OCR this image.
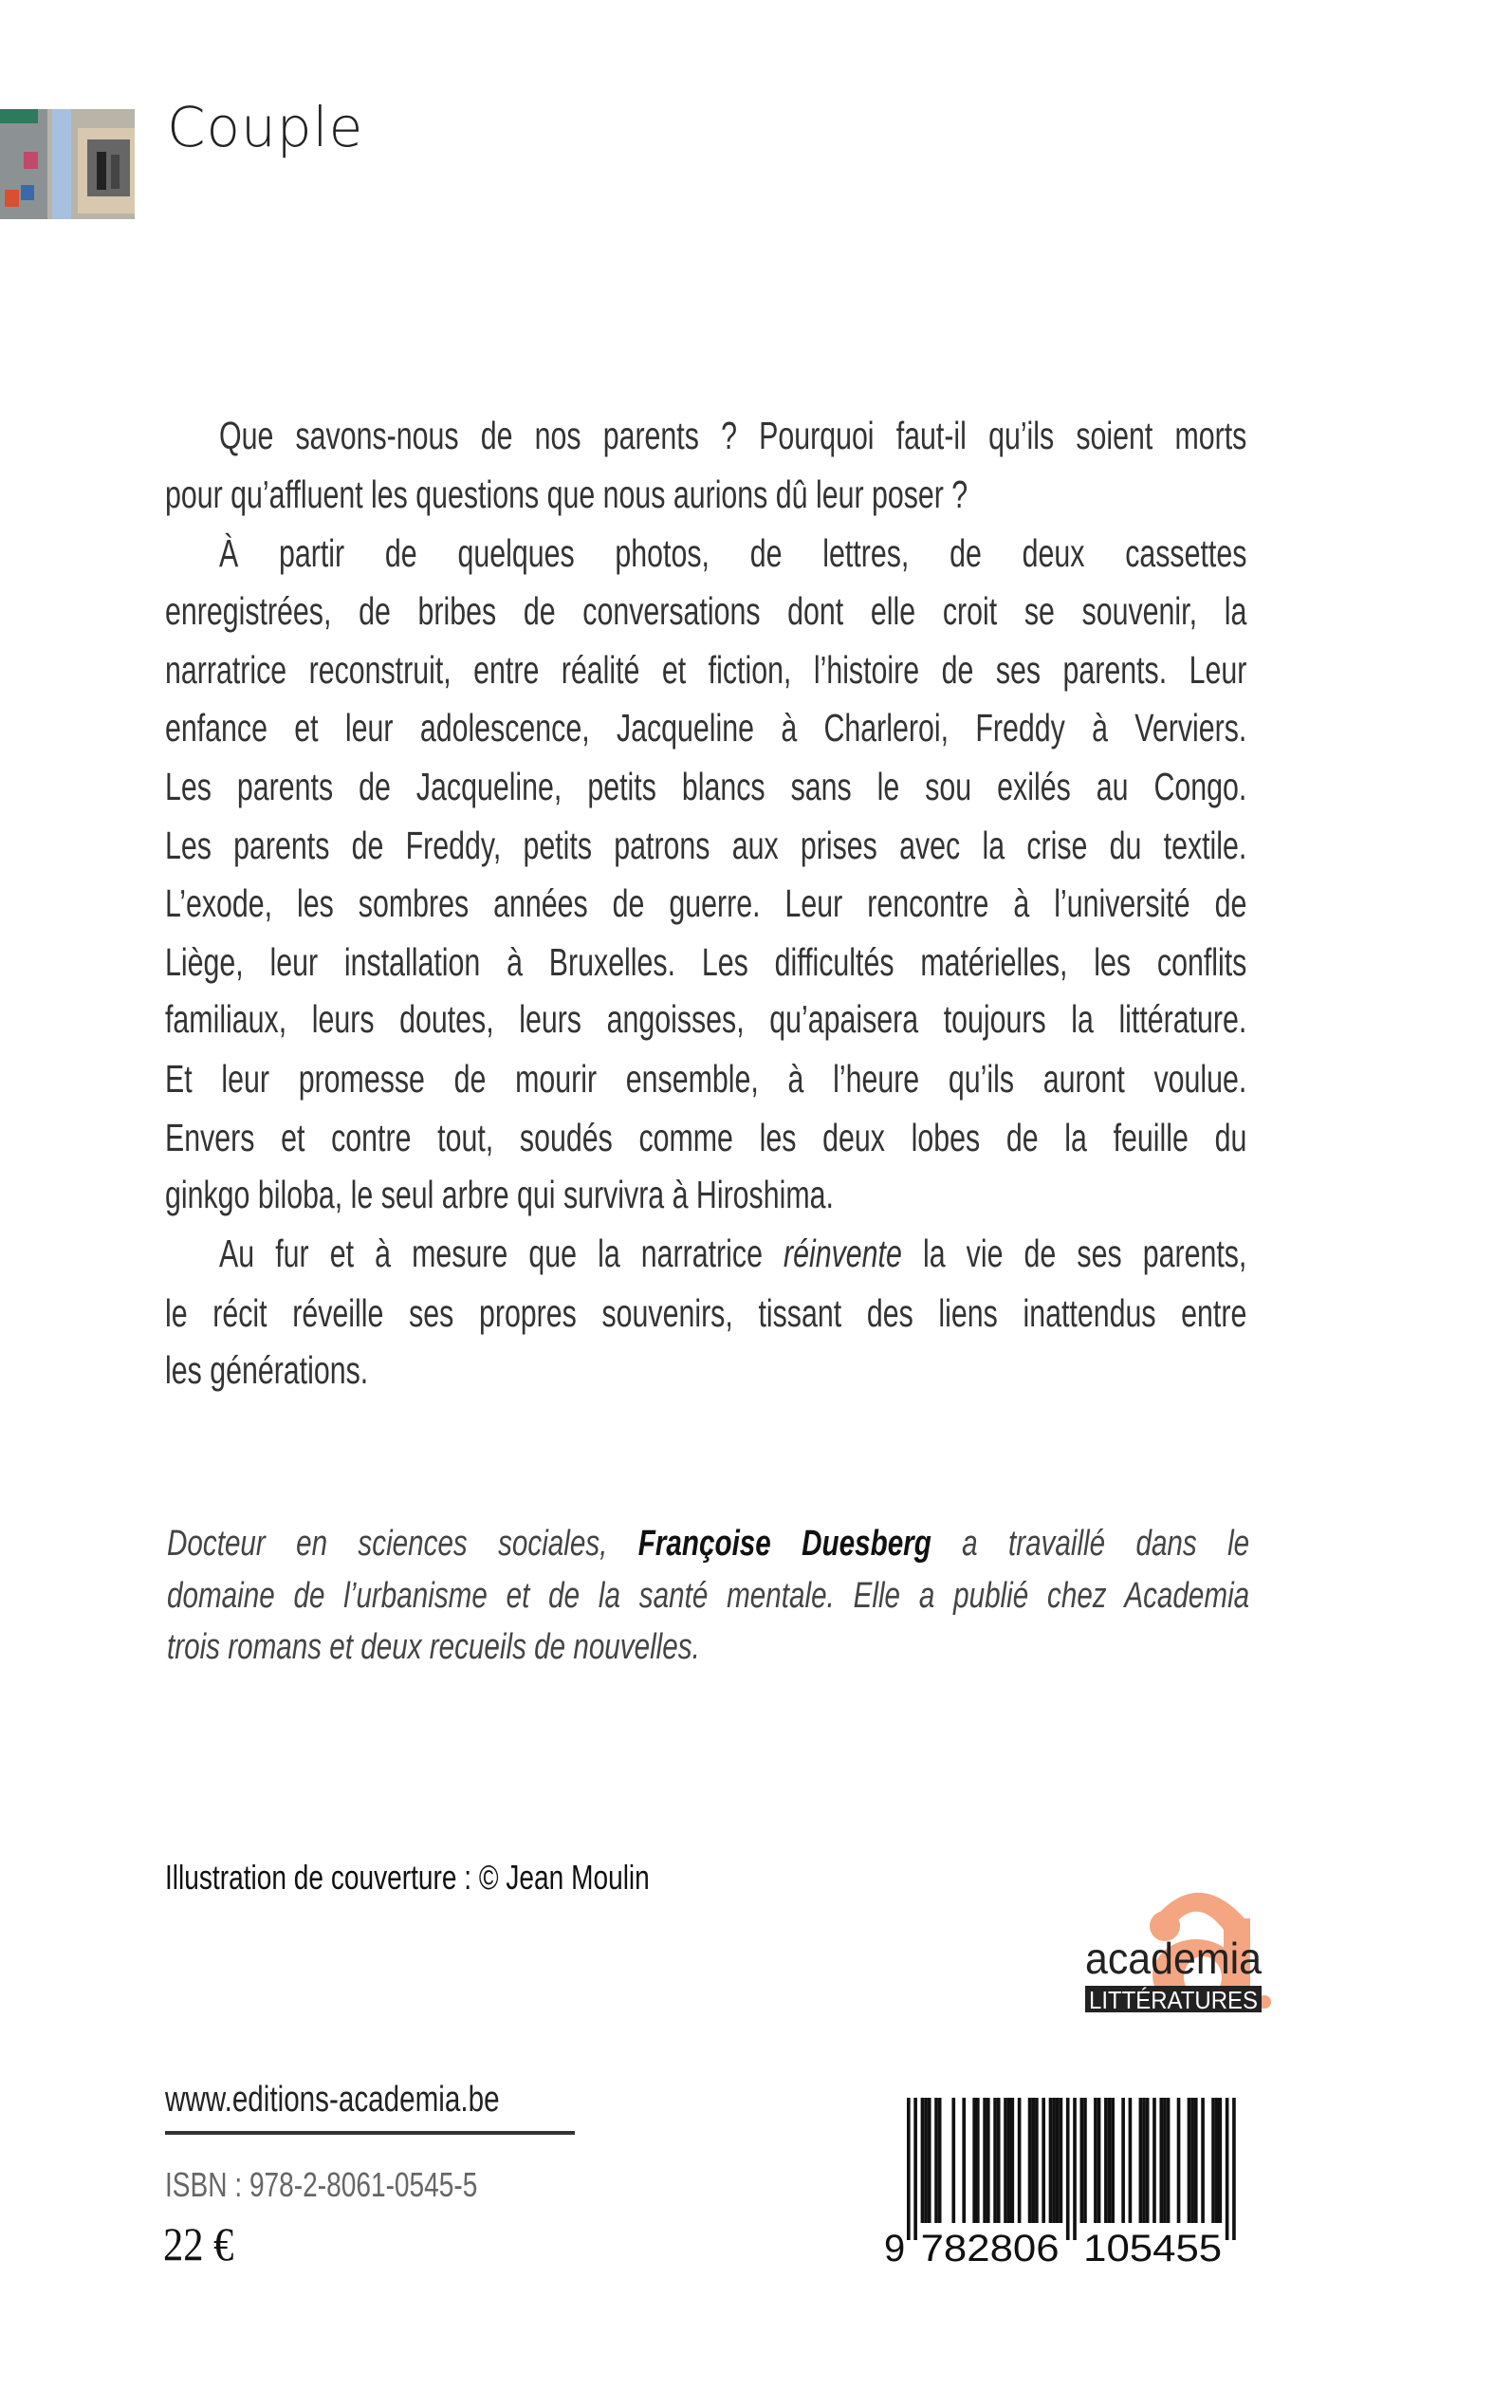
Couple
Que savons-nous de nos parents ? Pourquoi faut-il qu’ils soient morts
pour qu’affluent les questions que nous aurions dû leur poser ?
À partir de quelques photos, de lettres, de deux cassettes
enregistrées, de bribes de conversations dont elle croit se souvenir, la
narratrice reconstruit, entre réalité et fiction, l’histoire de ses parents. Leur
enfance et leur adolescence, Jacqueline à Charleroi, Freddy à Verviers.
Les parents de Jacqueline, petits blancs sans le sou exilés au Congo.
Les parents de Freddy, petits patrons aux prises avec la crise du textile.
L’exode, les sombres années de guerre. Leur rencontre à l’université de
Liège, leur installation à Bruxelles. Les difficultés matérielles, les conflits
familiaux, leurs doutes, leurs angoisses, qu’apaisera toujours la littérature.
Et leur promesse de mourir ensemble, à l’heure qu’ils auront voulue.
Envers et contre tout, soudés comme les deux lobes de la feuille du
ginkgo biloba, le seul arbre qui survivra à Hiroshima.
Au fur et à mesure que la narratrice réinvente la vie de ses parents,
le récit réveille ses propres souvenirs, tissant des liens inattendus entre
les générations.
Docteur en sciences sociales, Françoise Duesberg a travaillé dans le
domaine de l’urbanisme et de la santé mentale. Elle a publié chez Academia
trois romans et deux recueils de nouvelles.
Illustration de couverture : © Jean Moulin
academia
LITTÉRATURES
www.editions-academia.be
ISBN : 978-2-8061-0545-5
22 €	9 782806 105455
